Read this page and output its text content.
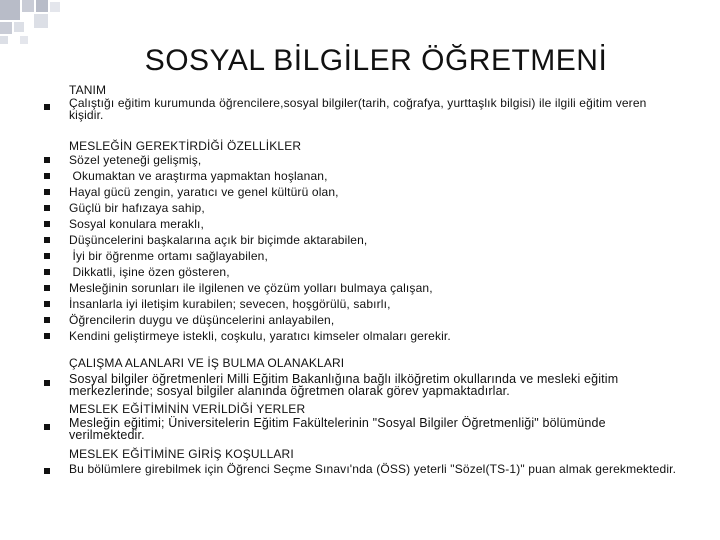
SOSYAL BİLGİLER ÖĞRETMENİ
TANIM
Çalıştığı eğitim kurumunda öğrencilere,sosyal bilgiler(tarih, coğrafya, yurttaşlık bilgisi) ile ilgili eğitim veren kişidir.
MESLEĞİN GEREKTİRDİĞİ ÖZELLİKLER
Sözel yeteneği gelişmiş,
Okumaktan ve araştırma yapmaktan hoşlanan,
Hayal gücü zengin, yaratıcı ve genel kültürü olan,
Güçlü bir hafızaya sahip,
Sosyal konulara meraklı,
Düşüncelerini başkalarına açık bir biçimde aktarabilen,
İyi bir öğrenme ortamı sağlayabilen,
Dikkatli, işine özen gösteren,
Mesleğinin sorunları ile ilgilenen ve çözüm yolları bulmaya çalışan,
İnsanlarla iyi iletişim kurabilen; sevecen, hoşgörülü, sabırlı,
Öğrencilerin duygu ve düşüncelerini anlayabilen,
Kendini geliştirmeye istekli, coşkulu, yaratıcı kimseler olmaları gerekir.
ÇALIŞMA ALANLARI VE İŞ BULMA OLANAKLARI
Sosyal bilgiler öğretmenleri Milli Eğitim Bakanlığına bağlı ilköğretim okullarında ve mesleki eğitim merkezlerinde; sosyal bilgiler alanında öğretmen olarak görev yapmaktadırlar.
MESLEK EĞİTİMİNİN VERİLDİĞİ YERLER
Mesleğin eğitimi; Üniversitelerin Eğitim Fakültelerinin "Sosyal Bilgiler Öğretmenliği" bölümünde verilmektedir.
MESLEK EĞİTİMİNE GİRİŞ KOŞULLARI
Bu bölümlere girebilmek için Öğrenci Seçme Sınavı'nda (ÖSS) yeterli "Sözel(TS-1)" puan almak gerekmektedir.
